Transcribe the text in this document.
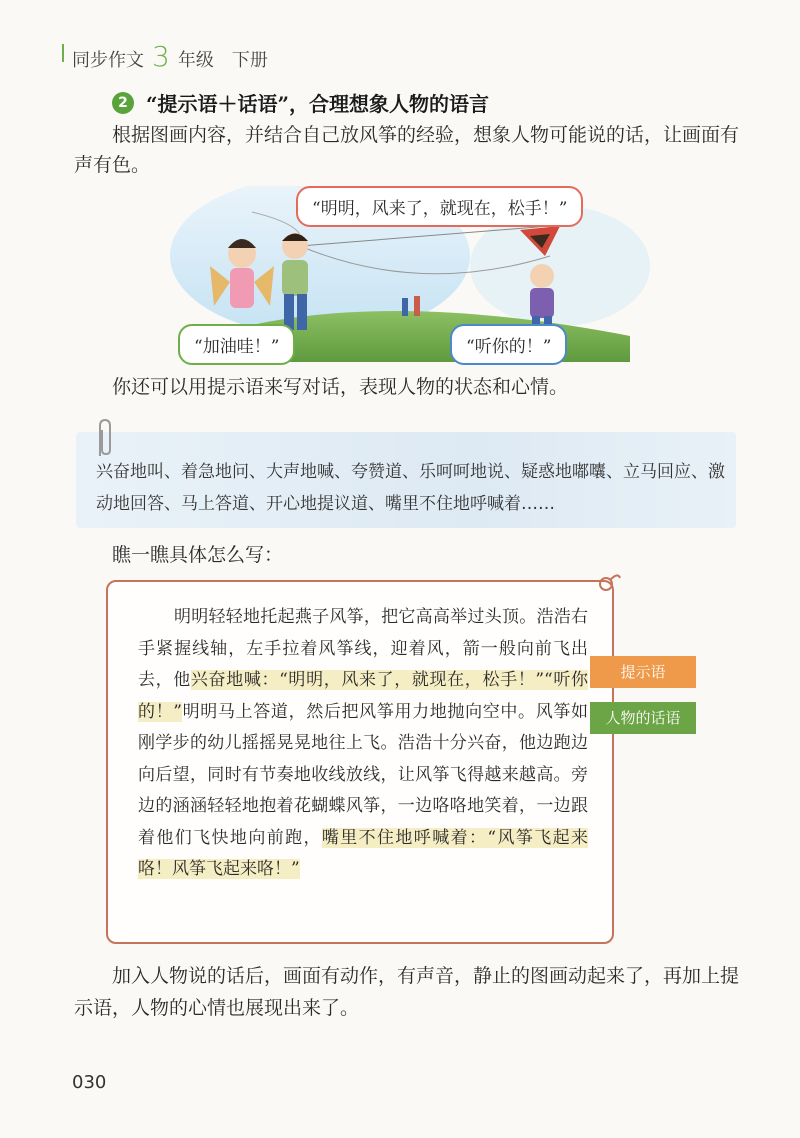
同步作文 3 年级 下册
2 “提示语＋话语”，合理想象人物的语言
根据图画内容，并结合自己放风筝的经验，想象人物可能说的话，让画面有声有色。
“明明，风来了，就现在，松手！”
“加油哇！”	“听你的！”
你还可以用提示语来写对话，表现人物的状态和心情。
兴奋地叫、着急地问、大声地喊、夸赞道、乐呵呵地说、疑惑地嘟囔、立马回应、激动地回答、马上答道、开心地提议道、嘴里不住地呼喊着……
瞧一瞧具体怎么写：
明明轻轻地托起燕子风筝，把它高高举过头顶。浩浩右手紧握线轴，左手拉着风筝线，迎着风，箭一般向前飞出去，他兴奋地喊：“明明，风来了，就现在，松手！”“听你的！”明明马上答道，然后把风筝用力地抛向空中。风筝如刚学步的幼儿摇摇晃晃地往上飞。浩浩十分兴奋，他边跑边向后望，同时有节奏地收线放线，让风筝飞得越来越高。旁边的涵涵轻轻地抱着花蝴蝶风筝，一边咯咯地笑着，一边跟着他们飞快地向前跑，嘴里不住地呼喊着：“风筝飞起来咯！风筝飞起来咯！”
提示语
人物的话语
加入人物说的话后，画面有动作，有声音，静止的图画动起来了，再加上提示语，人物的心情也展现出来了。
030
